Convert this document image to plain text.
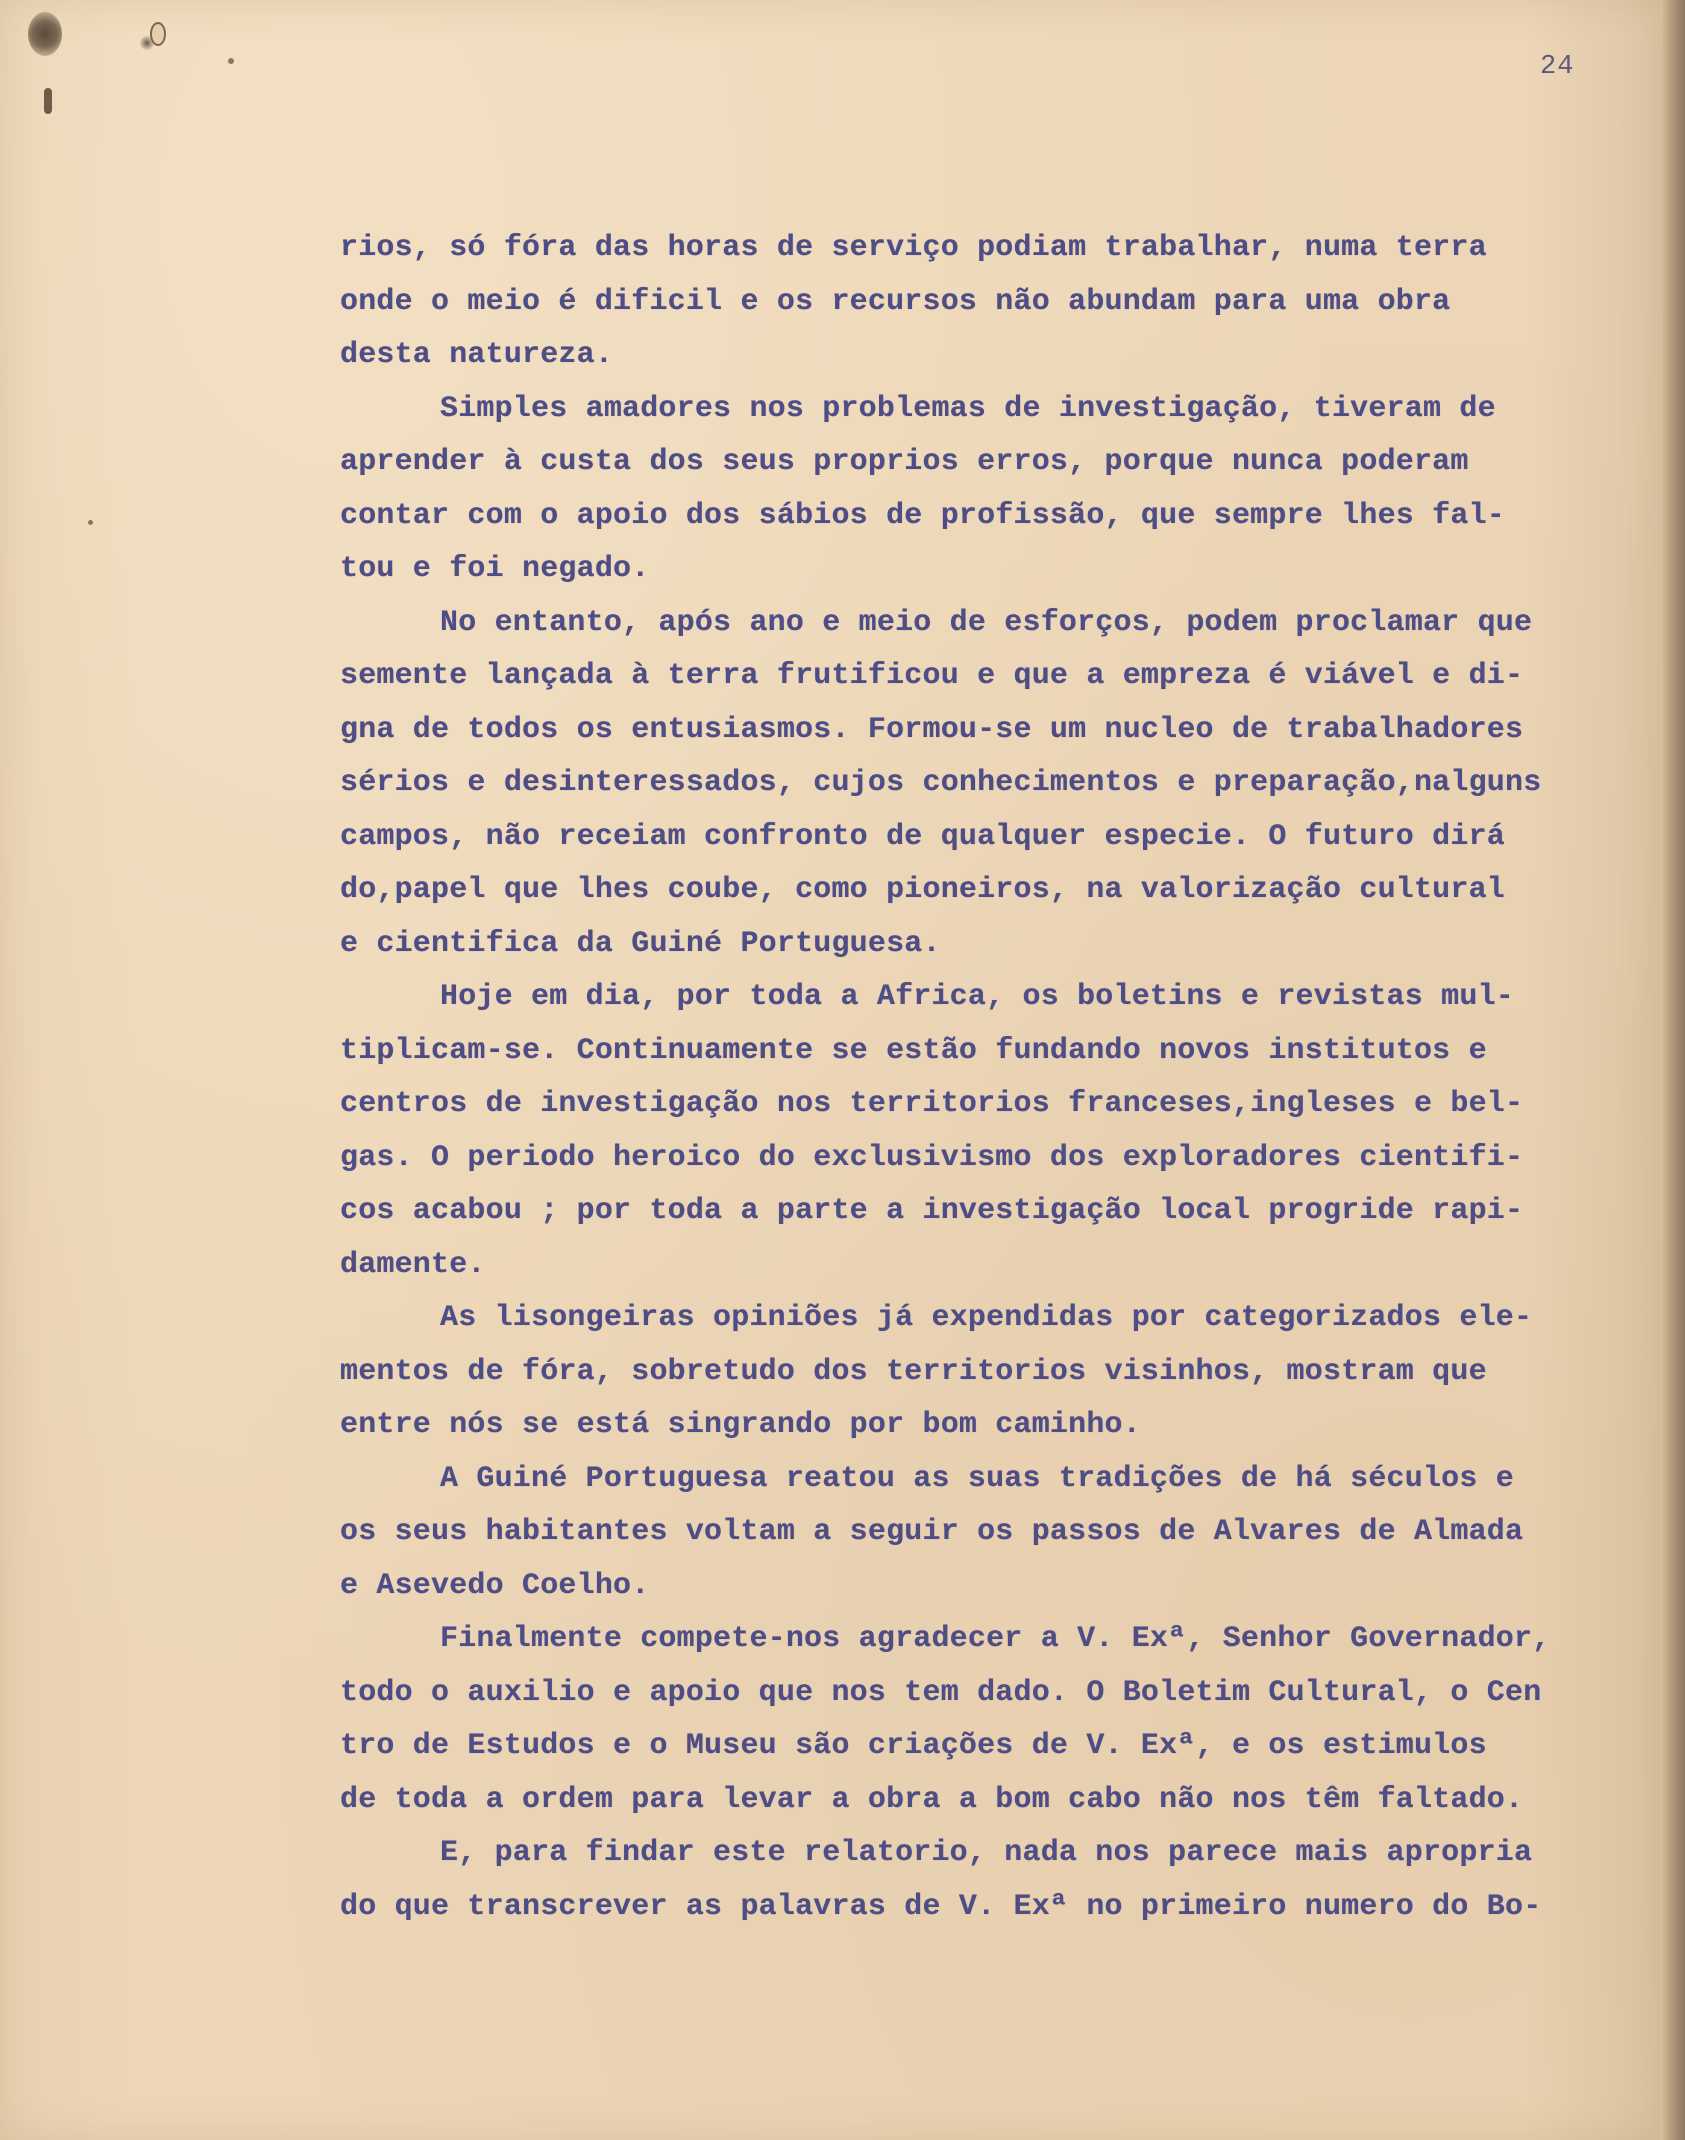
24
rios, só fóra das horas de serviço podiam trabalhar, numa terra
onde o meio é dificil e os recursos não abundam para uma obra
desta natureza.
Simples amadores nos problemas de investigação, tiveram de
aprender à custa dos seus proprios erros, porque nunca poderam
contar com o apoio dos sábios de profissão, que sempre lhes fal-
tou e foi negado.
No entanto, após ano e meio de esforços, podem proclamar que
semente lançada à terra frutificou e que a empreza é viável e di-
gna de todos os entusiasmos. Formou-se um nucleo de trabalhadores
sérios e desinteressados, cujos conhecimentos e preparação,nalguns
campos, não receiam confronto de qualquer especie. O futuro dirá
do,papel que lhes coube, como pioneiros, na valorização cultural
e cientifica da Guiné Portuguesa.
Hoje em dia, por toda a Africa, os boletins e revistas mul-
tiplicam-se. Continuamente se estão fundando novos institutos e
centros de investigação nos territorios franceses,ingleses e bel-
gas. O periodo heroico do exclusivismo dos exploradores cientifi-
cos acabou ; por toda a parte a investigação local progride rapi-
damente.
As lisongeiras opiniões já expendidas por categorizados ele-
mentos de fóra, sobretudo dos territorios visinhos, mostram que
entre nós se está singrando por bom caminho.
A Guiné Portuguesa reatou as suas tradições de há séculos e
os seus habitantes voltam a seguir os passos de Alvares de Almada
e Asevedo Coelho.
Finalmente compete-nos agradecer a V. Exª, Senhor Governador,
todo o auxilio e apoio que nos tem dado. O Boletim Cultural, o Cen
tro de Estudos e o Museu são criações de V. Exª, e os estimulos
de toda a ordem para levar a obra a bom cabo não nos têm faltado.
E, para findar este relatorio, nada nos parece mais apropria
do que transcrever as palavras de V. Exª no primeiro numero do Bo-
